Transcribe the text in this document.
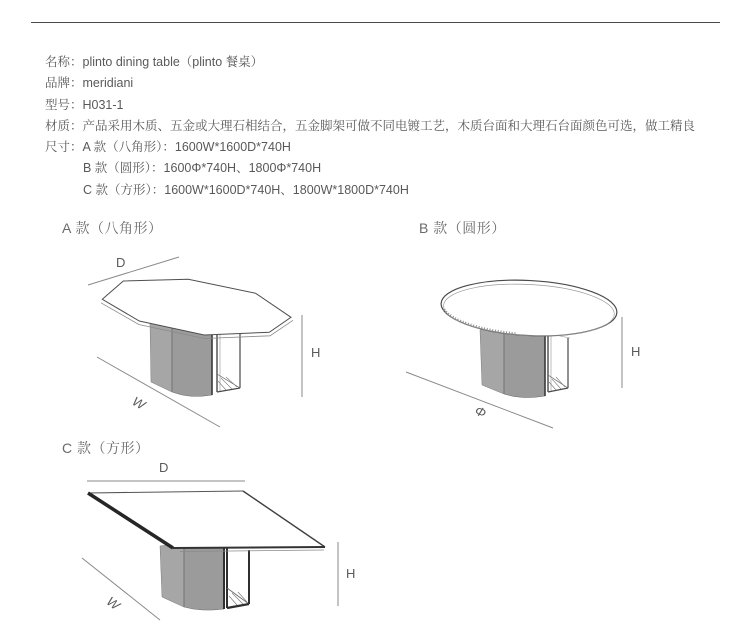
名称：plinto dining table（plinto 餐桌）
品牌：meridiani
型号：H031-1
材质：产品采用木质、五金或大理石相结合，五金脚架可做不同电镀工艺，木质台面和大理石台面颜色可选，做工精良
尺寸：A 款（八角形）：1600W*1600D*740H
B 款（圆形）：1600Φ*740H、1800Φ*740H
C 款（方形）：1600W*1600D*740H、1800W*1800D*740H
A 款（八角形）	B 款（圆形）
C 款（方形）
D
H
W
H
Φ
D
H
W
